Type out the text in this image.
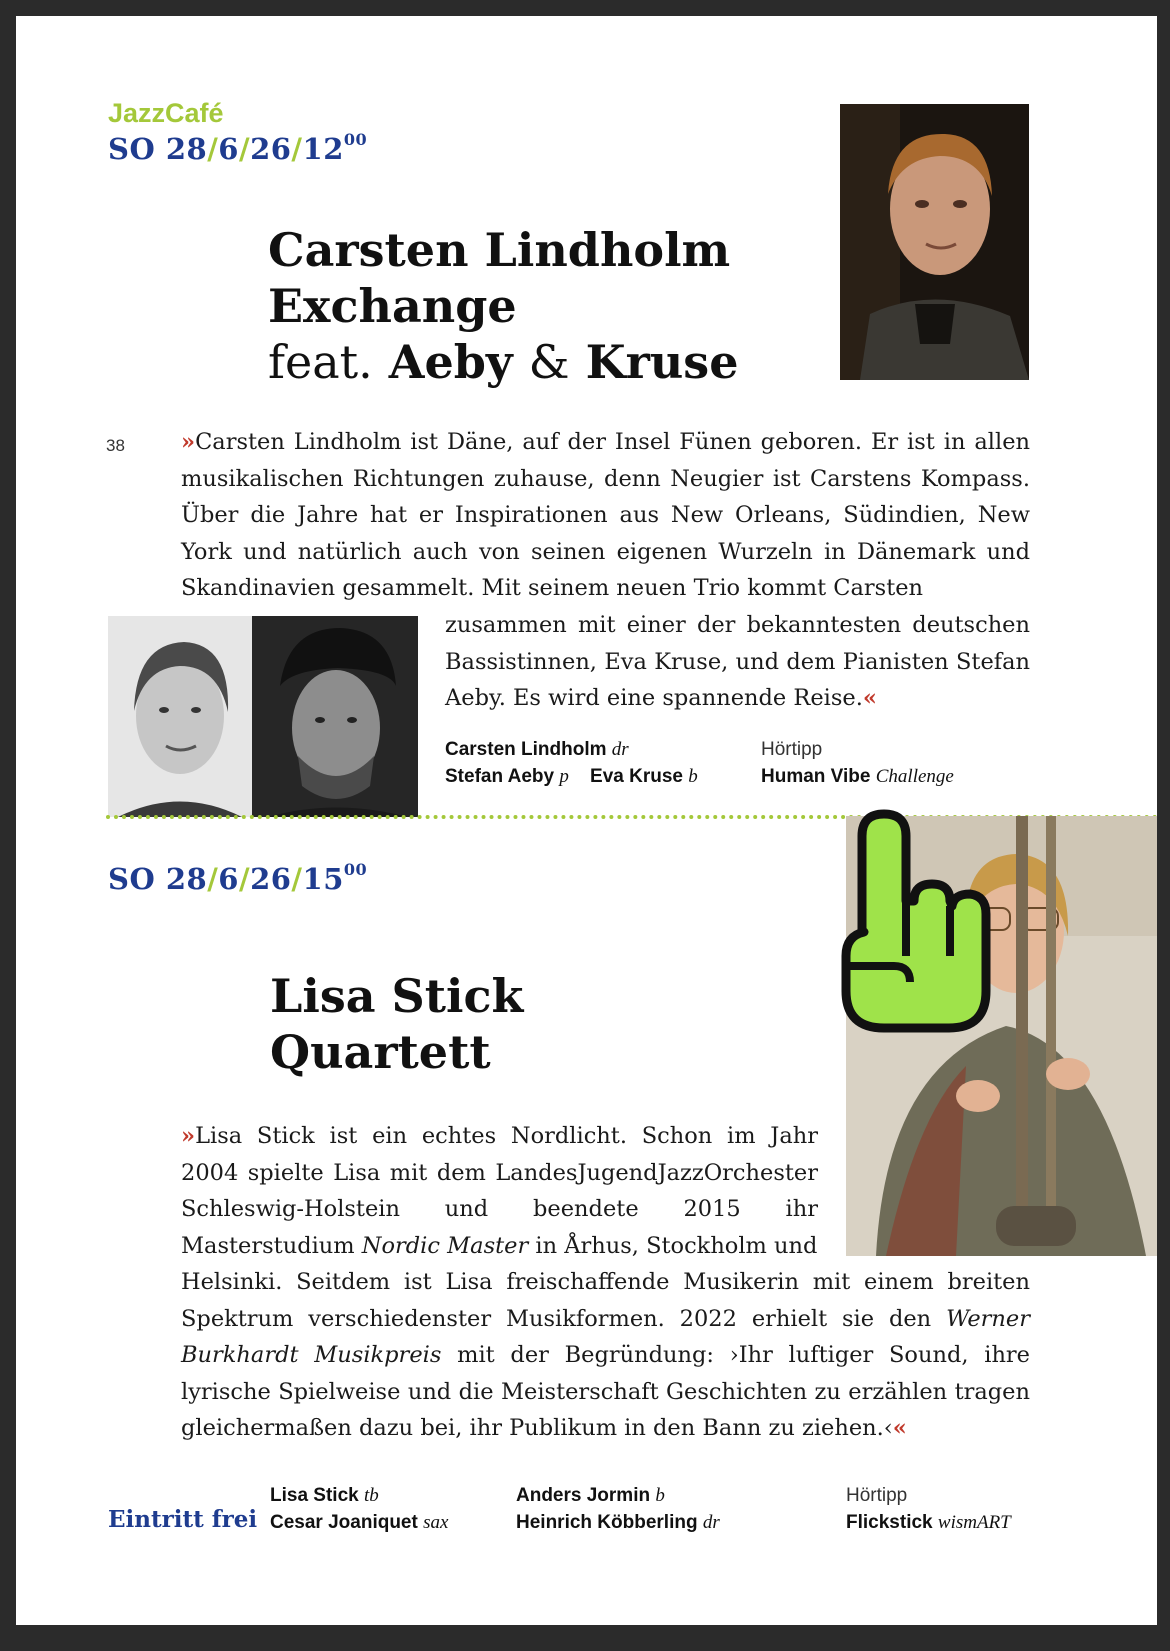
JazzCafé
SO $28/6/26/12^{00}$
Carsten Lindholm
Exchange
feat. Aeby & Kruse
38 »Carsten Lindholm ist Däne, auf der Insel Fünen geboren. Er ist in allen musikalischen Richtungen zuhause, denn Neugier ist Carstens Kompass. Über die Jahre hat er Inspirationen aus New Orleans, Südindien, New York und natürlich auch von seinen eigenen Wurzeln in Dänemark und Skandinavien gesammelt. Mit seinem neuen Trio kommt Carsten
zusammen mit einer der bekanntesten deutschen Bassistinnen, Eva Kruse, und dem Pianisten Stefan Aeby. Es wird eine spannende Reise.«
Carsten Lindholm dr
Stefan Aeby p Eva Kruse b
Hörtipp
Human Vibe Challenge
SO $28/6/26/15^{00}$
Lisa Stick
Quartett
»Lisa Stick ist ein echtes Nordlicht. Schon im Jahr 2004 spielte Lisa mit dem LandesJugendJazzOrchester Schleswig-Holstein und beendete 2015 ihr Masterstudium Nordic Master in Århus, Stockholm und
Helsinki. Seitdem ist Lisa freischaffende Musikerin mit einem breiten Spektrum verschiedenster Musikformen. 2022 erhielt sie den Werner Burkhardt Musikpreis mit der Begründung: ›Ihr luftiger Sound, ihre lyrische Spielweise und die Meisterschaft Geschichten zu erzählen tragen gleichermaßen dazu bei, ihr Publikum in den Bann zu ziehen.‹«
Eintritt frei
Lisa Stick tb
Cesar Joaniquet sax
Anders Jormin b
Heinrich Köbberling dr
Hörtipp
Flickstick wismART
